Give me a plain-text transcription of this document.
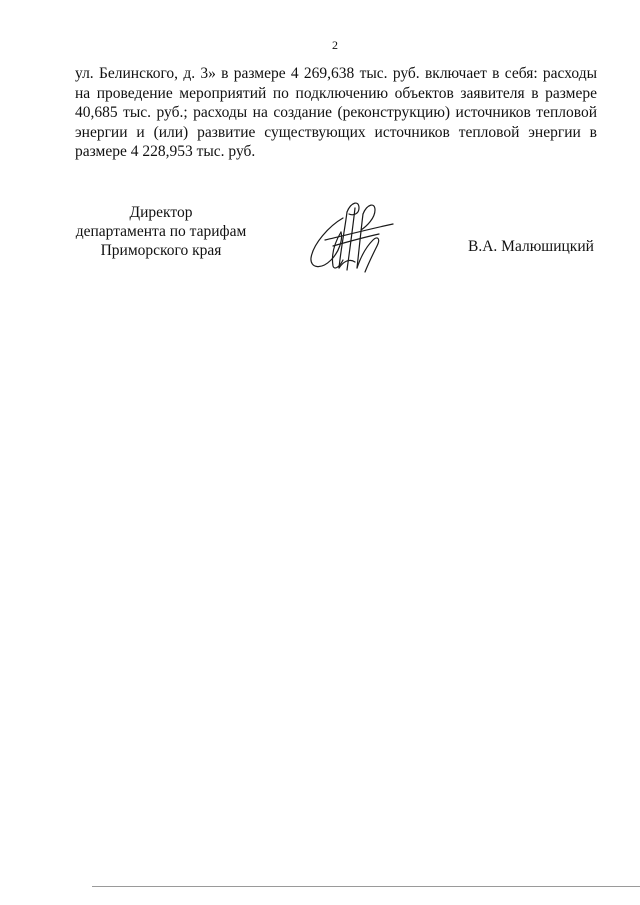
2

ул. Белинского, д. 3» в размере 4 269,638 тыс. руб. включает в себя: расходы на проведение мероприятий по подключению объектов заявителя в размере 40,685 тыс. руб.; расходы на создание (реконструкцию) источников тепловой энергии и (или) развитие существующих источников тепловой энергии в размере 4 228,953 тыс. руб.

Директор
департамента по тарифам
Приморского края	В.А. Малюшицкий
